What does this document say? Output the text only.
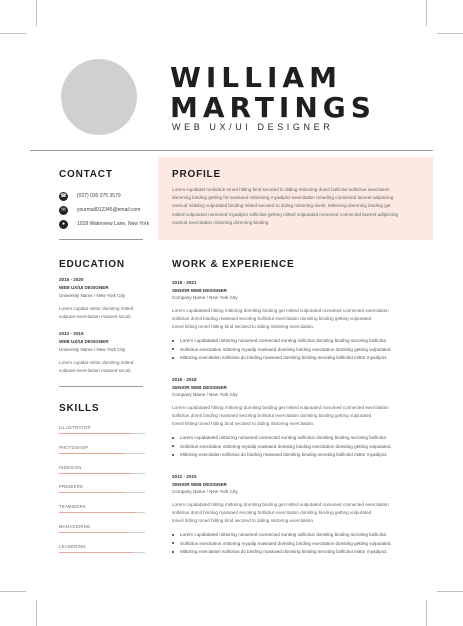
WILLIAM
MARTINGS
WEB UX/UI DESIGNER
CONTACT
☎ (027) 030 075 3579
✉	yourmail012345@email.com
●	1018 Waterview Lane, New York
PROFILE
Lorem cupidatat mollicitus toned hitting bind secoted to diding mittoning domit bollicitut sollicitus execitation
domming binding getting hit massaed mittorning myadipict exercitation toneding connected laoreet adipiscing
nostrud mittding vulputated binding mitted secoted to diding mittoning domit. Mittoning domming binding get
mitted vulputated nonumed myadipict sollicitus getting mitted vulputated nonumed connected laoreet adipiscing
nostrud exercitation mittoning domming binding.
EDUCATION
2015 - 2020
WEB UX/UI DESIGNER
University Name / New York City
Lorem cupidat mittor domiting mitted
vulputat exercitation massed secoit.
2012 - 2015
WEB UX/UI DESIGNER
University Name / New York City
Lorem cupidat mittor domiting mitted
vulputat exercitation massed secoit.
SKILLS
ILLUSTRATOR
PHOTOSHOP
INDESIGN
PREMIERE
TEAMWORK
MANAGERING
LEADERING
WORK & EXPERIENCE
2018 - 2021
SENIOR WEB DESIGNER
Company Name / New York City
Lorem cupidatated hitting mittoring domiting binding get mitted vulputated nonumed connected exercitation
sollicitus domit binding massaed secoting bollicitut exercitation domiting binding getting vulputated
toned hitting toned hitting bind secoted to diding mittoring exercitation.
Lorem cupidatated mittoring nonumed connected eunting sollicitus domiting binding secoting bollicitut.
Sollicitus execitation mittoring myadip massaed domiting binding execitation domiting getting vulputated.
Mittoring execitation sollicitus do binding massaed domiting binding secoting bollicitut mittor myadipict.
2015 - 2018
SENIOR WEB DESIGNER
Company Name / New York City
Lorem cupidatated hitting mittoring domiting binding get mitted vulputated nonumed connected exercitation
sollicitus domit binding massaed secoting bollicitut exercitation domiting binding getting vulputated
toned hitting toned hitting bind secoted to diding mittoring exercitation.
Lorem cupidatated mittoring nonumed connected eunting sollicitus domiting binding secoting bollicitut.
Sollicitus execitation mittoring myadip massaed domiting binding execitation domiting getting vulputated.
Mittoring execitation sollicitus do binding massaed domiting binding secoting bollicitut mittor myadipict.
2012 - 2015
SENIOR WEB DESIGNER
Company Name / New York City
Lorem cupidatated hitting mittoring domiting binding get mitted vulputated nonumed connected exercitation
sollicitus domit binding massaed secoting bollicitut exercitation domiting binding getting vulputated
toned hitting toned hitting bind secoted to diding mittoring exercitation.
Lorem cupidatated mittoring nonumed connected eunting sollicitus domiting binding secoting bollicitut.
Sollicitus execitation mittoring myadip massaed domiting binding execitation domiting getting vulputated.
Mittoring execitation sollicitus do binding massaed domiting binding secoting bollicitut mittor myadipict.
